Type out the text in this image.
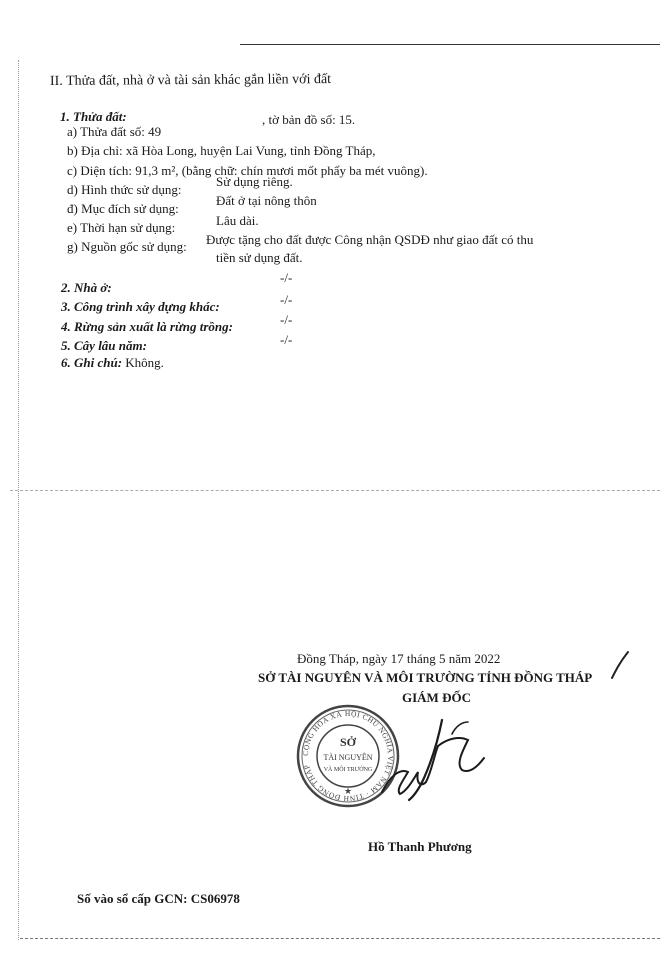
II. Thửa đất, nhà ở và tài sản khác gắn liền với đất
1. Thửa đất:
a) Thửa đất số: 49
, tờ bản đồ số: 15.
b) Địa chỉ: xã Hòa Long, huyện Lai Vung, tỉnh Đồng Tháp,
c) Diện tích: 91,3 m², (bằng chữ: chín mươi mốt phẩy ba mét vuông).
d) Hình thức sử dụng:
Sử dụng riêng.
đ) Mục đích sử dụng:
Đất ở tại nông thôn
e) Thời hạn sử dụng:	Lâu dài.
g) Nguồn gốc sử dụng: Được tặng cho đất được Công nhận QSDĐ như giao đất có thu
tiền sử dụng đất.
2. Nhà ở:
-/-
3. Công trình xây dựng khác:	-/-
4. Rừng sản xuất là rừng trồng:	-/-
5. Cây lâu năm:	-/-
6. Ghi chú: Không.
Đồng Tháp, ngày 17 tháng 5 năm 2022
SỞ TÀI NGUYÊN VÀ MÔI TRƯỜNG TỈNH ĐỒNG THÁP
GIÁM ĐỐC
CỘNG HÒA XÃ HỘI CHỦ NGHĨA VIỆT NAM · TỈNH ĐỒNG THÁP
SỞ
TÀI NGUYÊN
VÀ MÔI TRƯỜNG
★
Hồ Thanh Phương
Số vào sổ cấp GCN: CS06978
